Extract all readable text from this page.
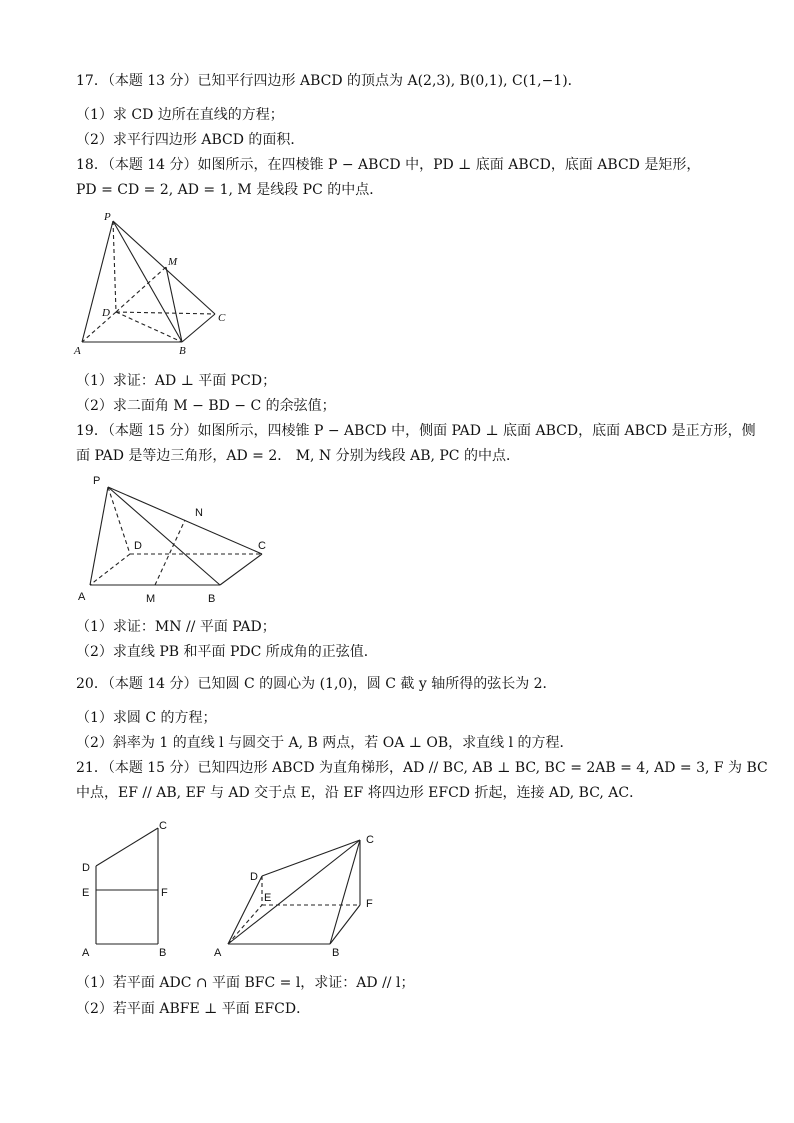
17．（本题 13 分）已知平行四边形 ABCD 的顶点为 A(2,3), B(0,1), C(1,−1)．
（1）求 CD 边所在直线的方程；
（2）求平行四边形 ABCD 的面积．
18．（本题 14 分）如图所示，在四棱锥 P − ABCD 中，PD ⊥ 底面 ABCD，底面 ABCD 是矩形，
PD = CD = 2, AD = 1, M 是线段 PC 的中点．
P
M
D	C
A	B
（1）求证：AD ⊥ 平面 PCD；
（2）求二面角 M − BD − C 的余弦值；
19．（本题 15 分）如图所示，四棱锥 P − ABCD 中，侧面 PAD ⊥ 底面 ABCD，底面 ABCD 是正方形，侧
面 PAD 是等边三角形，AD = 2． M, N 分别为线段 AB, PC 的中点．
P
N
D	C
A	M	B
（1）求证：MN // 平面 PAD；
（2）求直线 PB 和平面 PDC 所成角的正弦值．
20．（本题 14 分）已知圆 C 的圆心为 (1,0)，圆 C 截 y 轴所得的弦长为 2．
（1）求圆 C 的方程；
（2）斜率为 1 的直线 l 与圆交于 A, B 两点，若 OA ⊥ OB，求直线 l 的方程．
21．（本题 15 分）已知四边形 ABCD 为直角梯形，AD // BC, AB ⊥ BC, BC = 2AB = 4, AD = 3, F 为 BC
中点，EF // AB, EF 与 AD 交于点 E，沿 EF 将四边形 EFCD 折起，连接 AD, BC, AC．
C
D
E	F
A	B
C
D
E	F
A	B
（1）若平面 ADC ∩ 平面 BFC = l，求证：AD // l；
（2）若平面 ABFE ⊥ 平面 EFCD．
